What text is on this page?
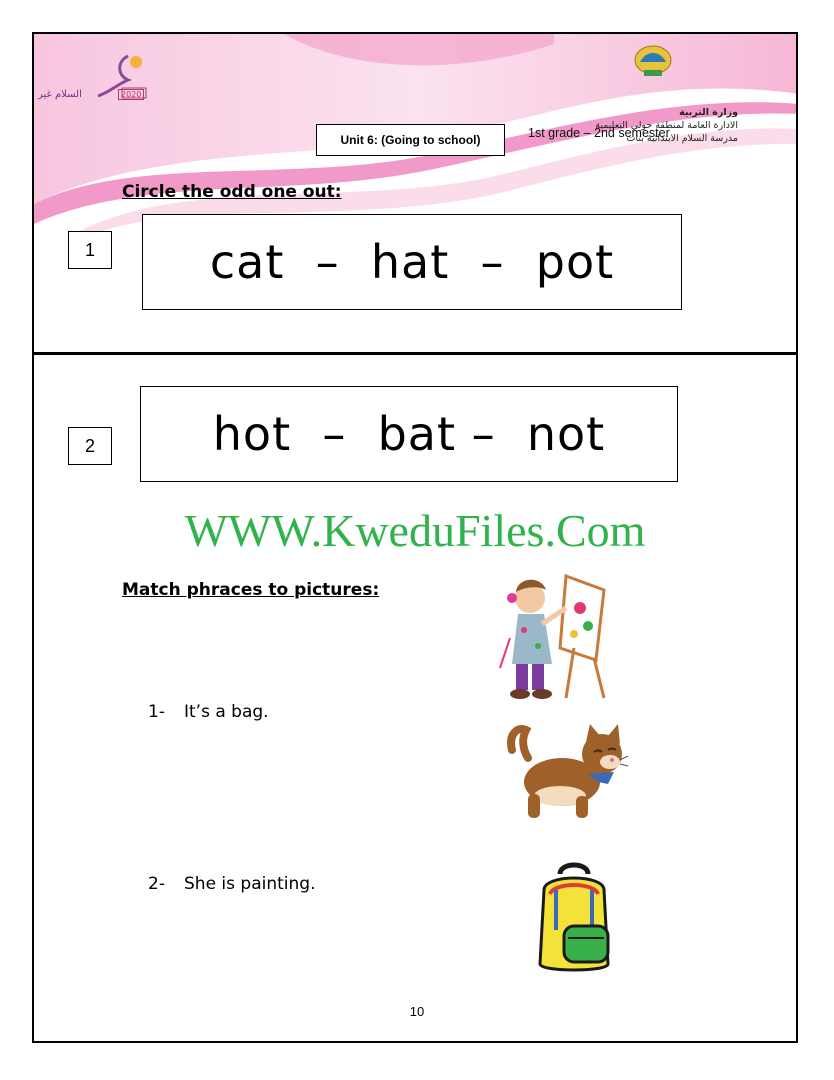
السلام غير	2020
وزارة التربية
الادارة العامة لمنطقة حولي التعليمية
مدرسة السلام الابتدائية بنات
Unit 6: (Going to school)	1st grade – 2nd semester
Circle the odd one out:
1	cat  –  hat  –  pot
2	hot  –  bat –  not
WWW.KweduFiles.Com
Match phraces to pictures:
1- It’s a bag.
2- She is painting.
10
